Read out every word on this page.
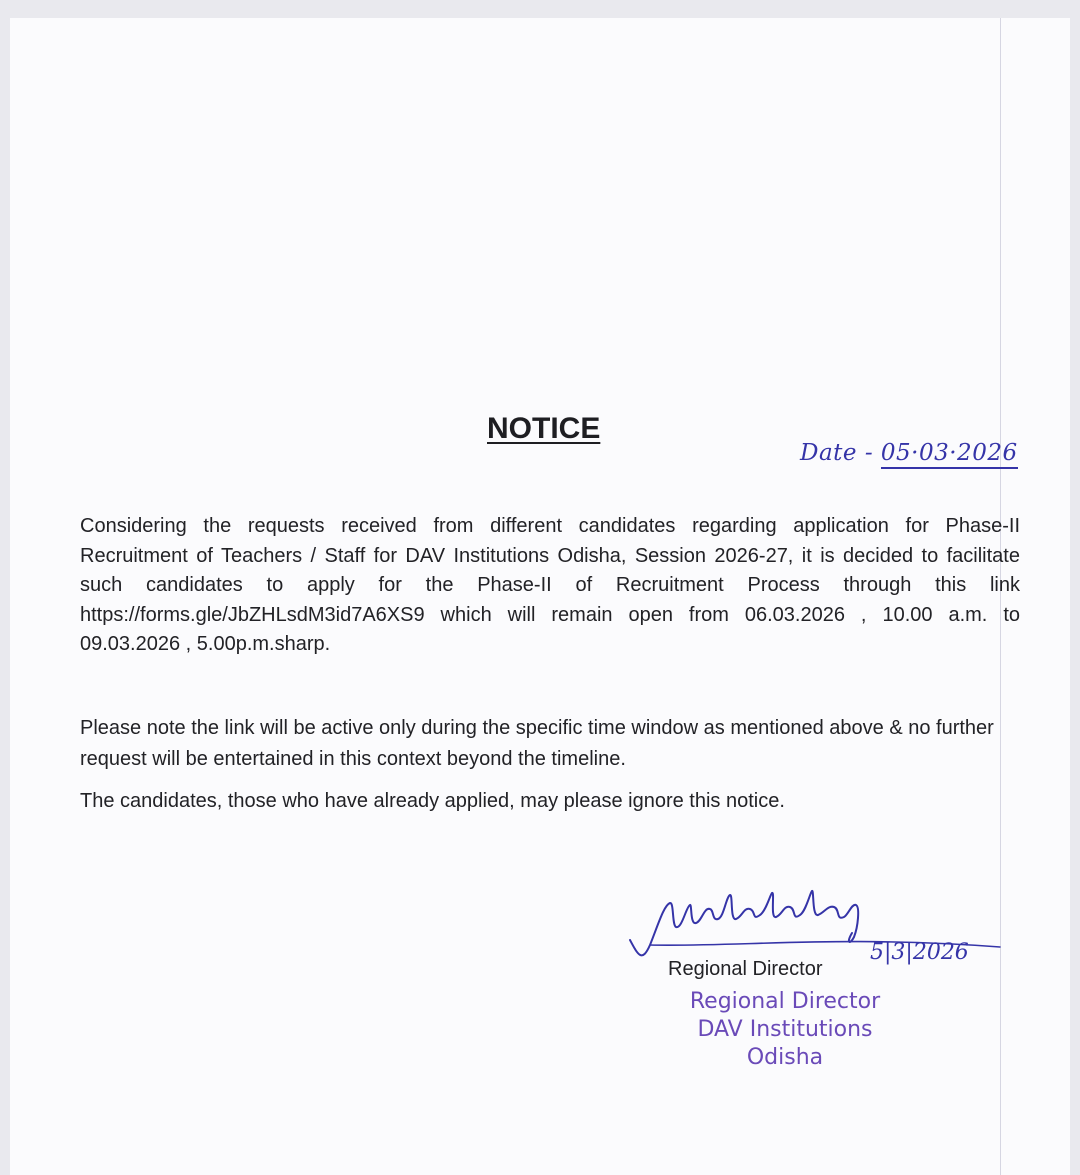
NOTICE
Date - 05·03·2026

Considering the requests received from different candidates regarding application for Phase-II Recruitment of Teachers / Staff for DAV Institutions Odisha, Session 2026-27, it is decided to facilitate such candidates to apply for the Phase-II of Recruitment Process through this link https://forms.gle/JbZHLsdM3id7A6XS9 which will remain open from 06.03.2026 , 10.00 a.m. to 09.03.2026 , 5.00p.m.sharp.

Please note the link will be active only during the specific time window as mentioned above & no further request will be entertained in this context beyond the timeline.

The candidates, those who have already applied, may please ignore this notice.

5|3|2026
Regional Director
Regional Director
DAV Institutions
Odisha
